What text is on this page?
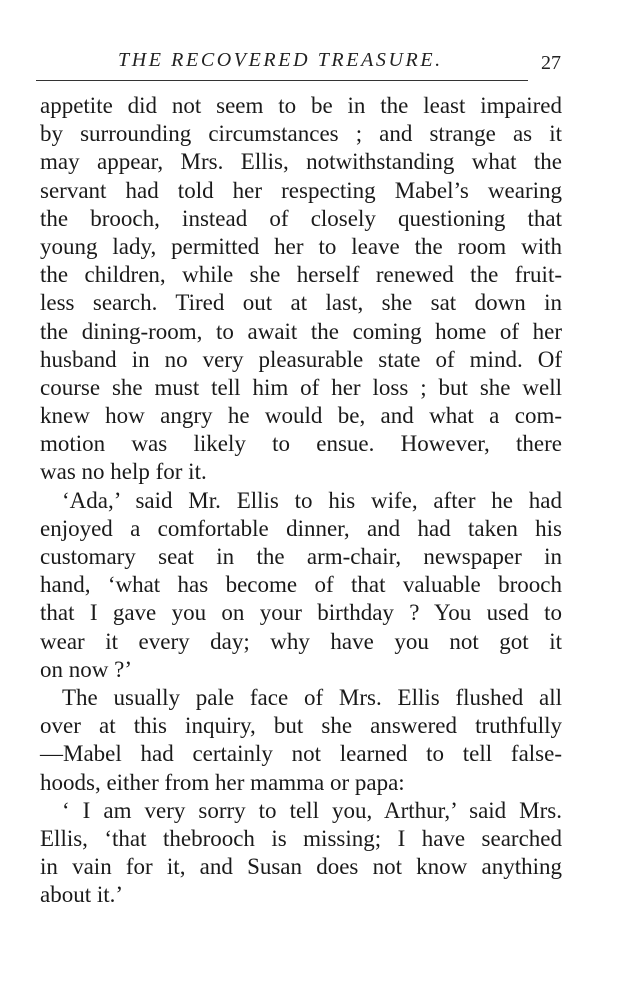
THE RECOVERED TREASURE.	27
appetite did not seem to be in the least impaired
by surrounding circumstances ; and strange as it
may appear, Mrs. Ellis, notwithstanding what the
servant had told her respecting Mabel’s wearing
the brooch, instead of closely questioning that
young lady, permitted her to leave the room with
the children, while she herself renewed the fruit-
less search. Tired out at last, she sat down in
the dining-room, to await the coming home of her
husband in no very pleasurable state of mind. Of
course she must tell him of her loss ; but she well
knew how angry he would be, and what a com-
motion was likely to ensue. However, there
was no help for it.
‘Ada,’ said Mr. Ellis to his wife, after he had
enjoyed a comfortable dinner, and had taken his
customary seat in the arm-chair, newspaper in
hand, ‘what has become of that valuable brooch
that I gave you on your birthday ? You used to
wear it every day; why have you not got it
on now ?’
The usually pale face of Mrs. Ellis flushed all
over at this inquiry, but she answered truthfully
—Mabel had certainly not learned to tell false-
hoods, either from her mamma or papa:
‘ I am very sorry to tell you, Arthur,’ said Mrs.
Ellis, ‘that thebrooch is missing; I have searched
in vain for it, and Susan does not know anything
about it.’
